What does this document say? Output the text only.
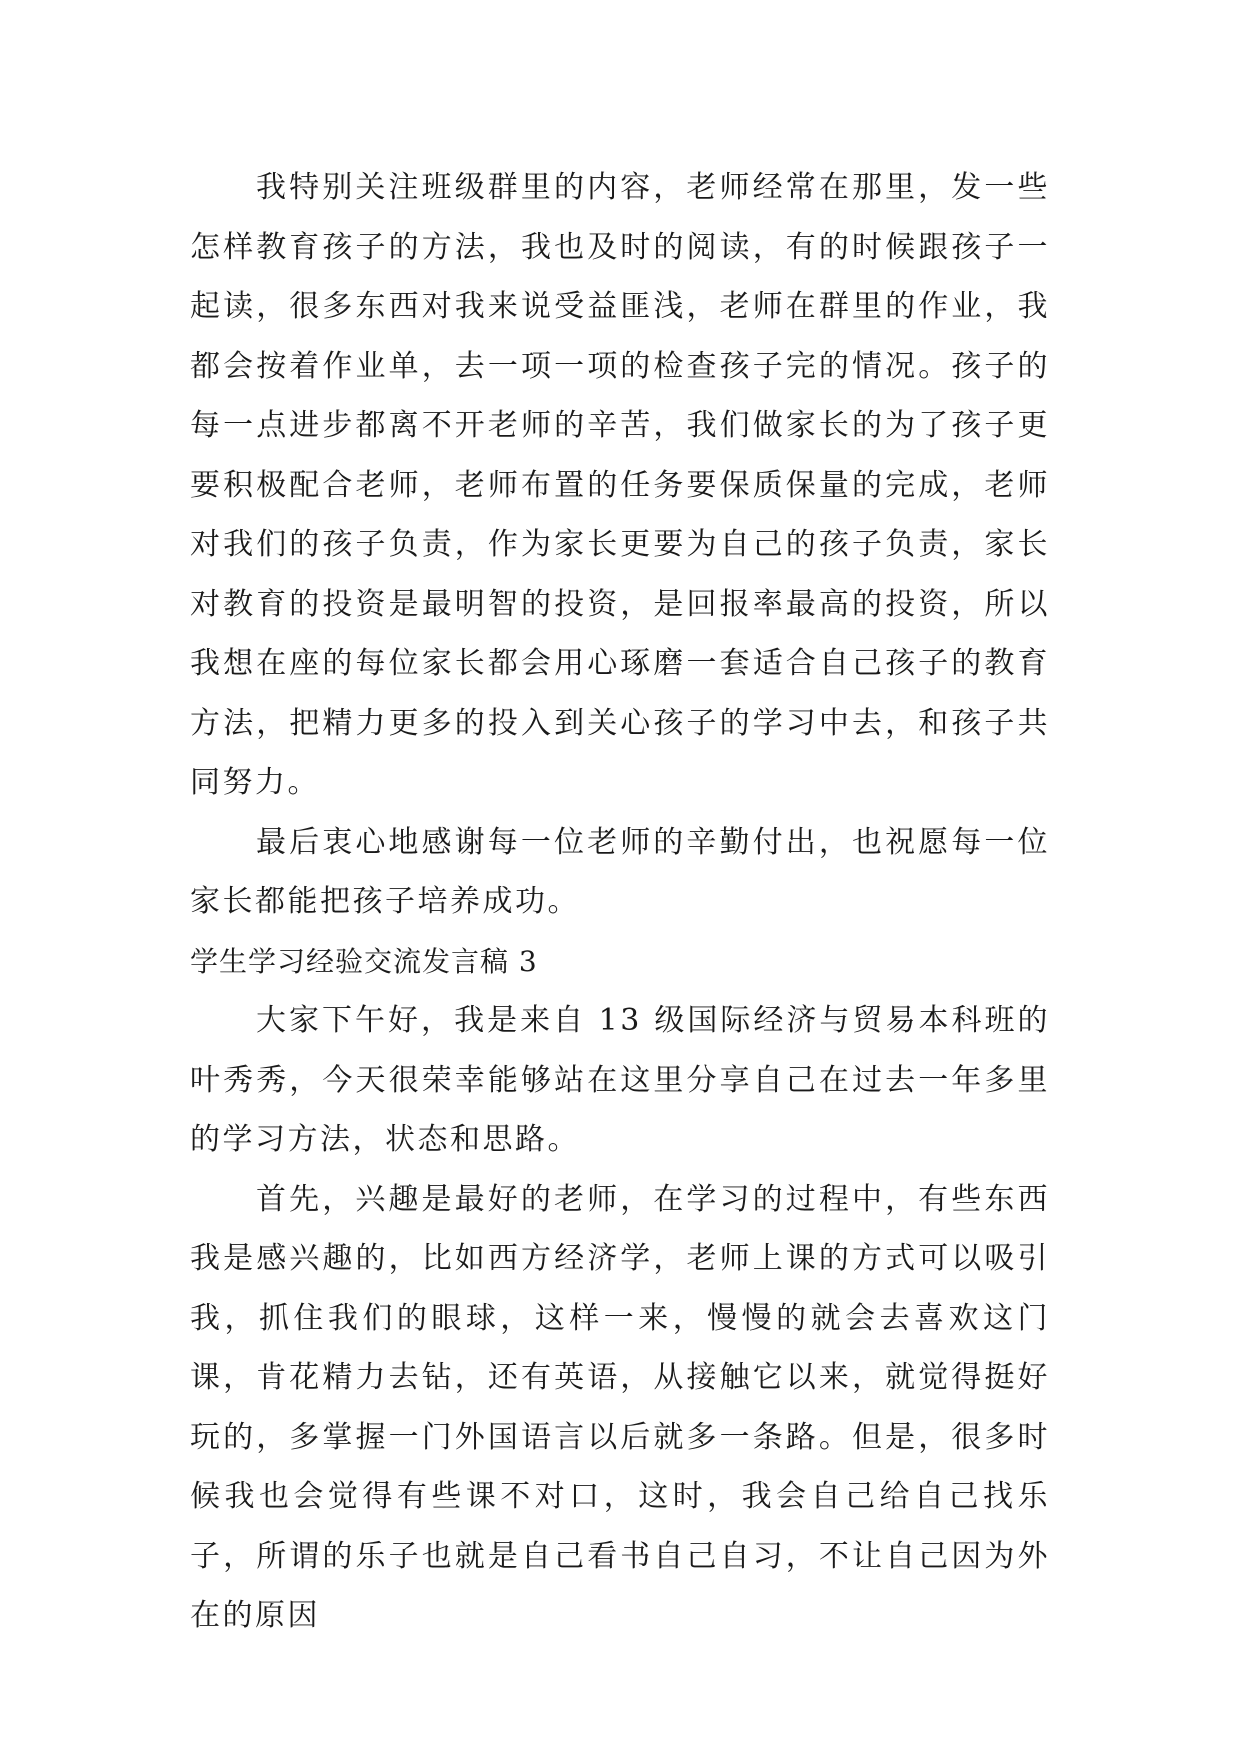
我特别关注班级群里的内容，老师经常在那里，发一些怎样教育孩子的方法，我也及时的阅读，有的时候跟孩子一起读，很多东西对我来说受益匪浅，老师在群里的作业，我都会按着作业单，去一项一项的检查孩子完的情况。孩子的每一点进步都离不开老师的辛苦，我们做家长的为了孩子更要积极配合老师，老师布置的任务要保质保量的完成，老师对我们的孩子负责，作为家长更要为自己的孩子负责，家长对教育的投资是最明智的投资，是回报率最高的投资，所以我想在座的每位家长都会用心琢磨一套适合自己孩子的教育方法，把精力更多的投入到关心孩子的学习中去，和孩子共同努力。

最后衷心地感谢每一位老师的辛勤付出，也祝愿每一位家长都能把孩子培养成功。

学生学习经验交流发言稿 3

大家下午好，我是来自 13 级国际经济与贸易本科班的叶秀秀，今天很荣幸能够站在这里分享自己在过去一年多里的学习方法，状态和思路。

首先，兴趣是最好的老师，在学习的过程中，有些东西我是感兴趣的，比如西方经济学，老师上课的方式可以吸引我，抓住我们的眼球，这样一来，慢慢的就会去喜欢这门课，肯花精力去钻，还有英语，从接触它以来，就觉得挺好玩的，多掌握一门外国语言以后就多一条路。但是，很多时候我也会觉得有些课不对口，这时，我会自己给自己找乐子，所谓的乐子也就是自己看书自己自习，不让自己因为外在的原因
